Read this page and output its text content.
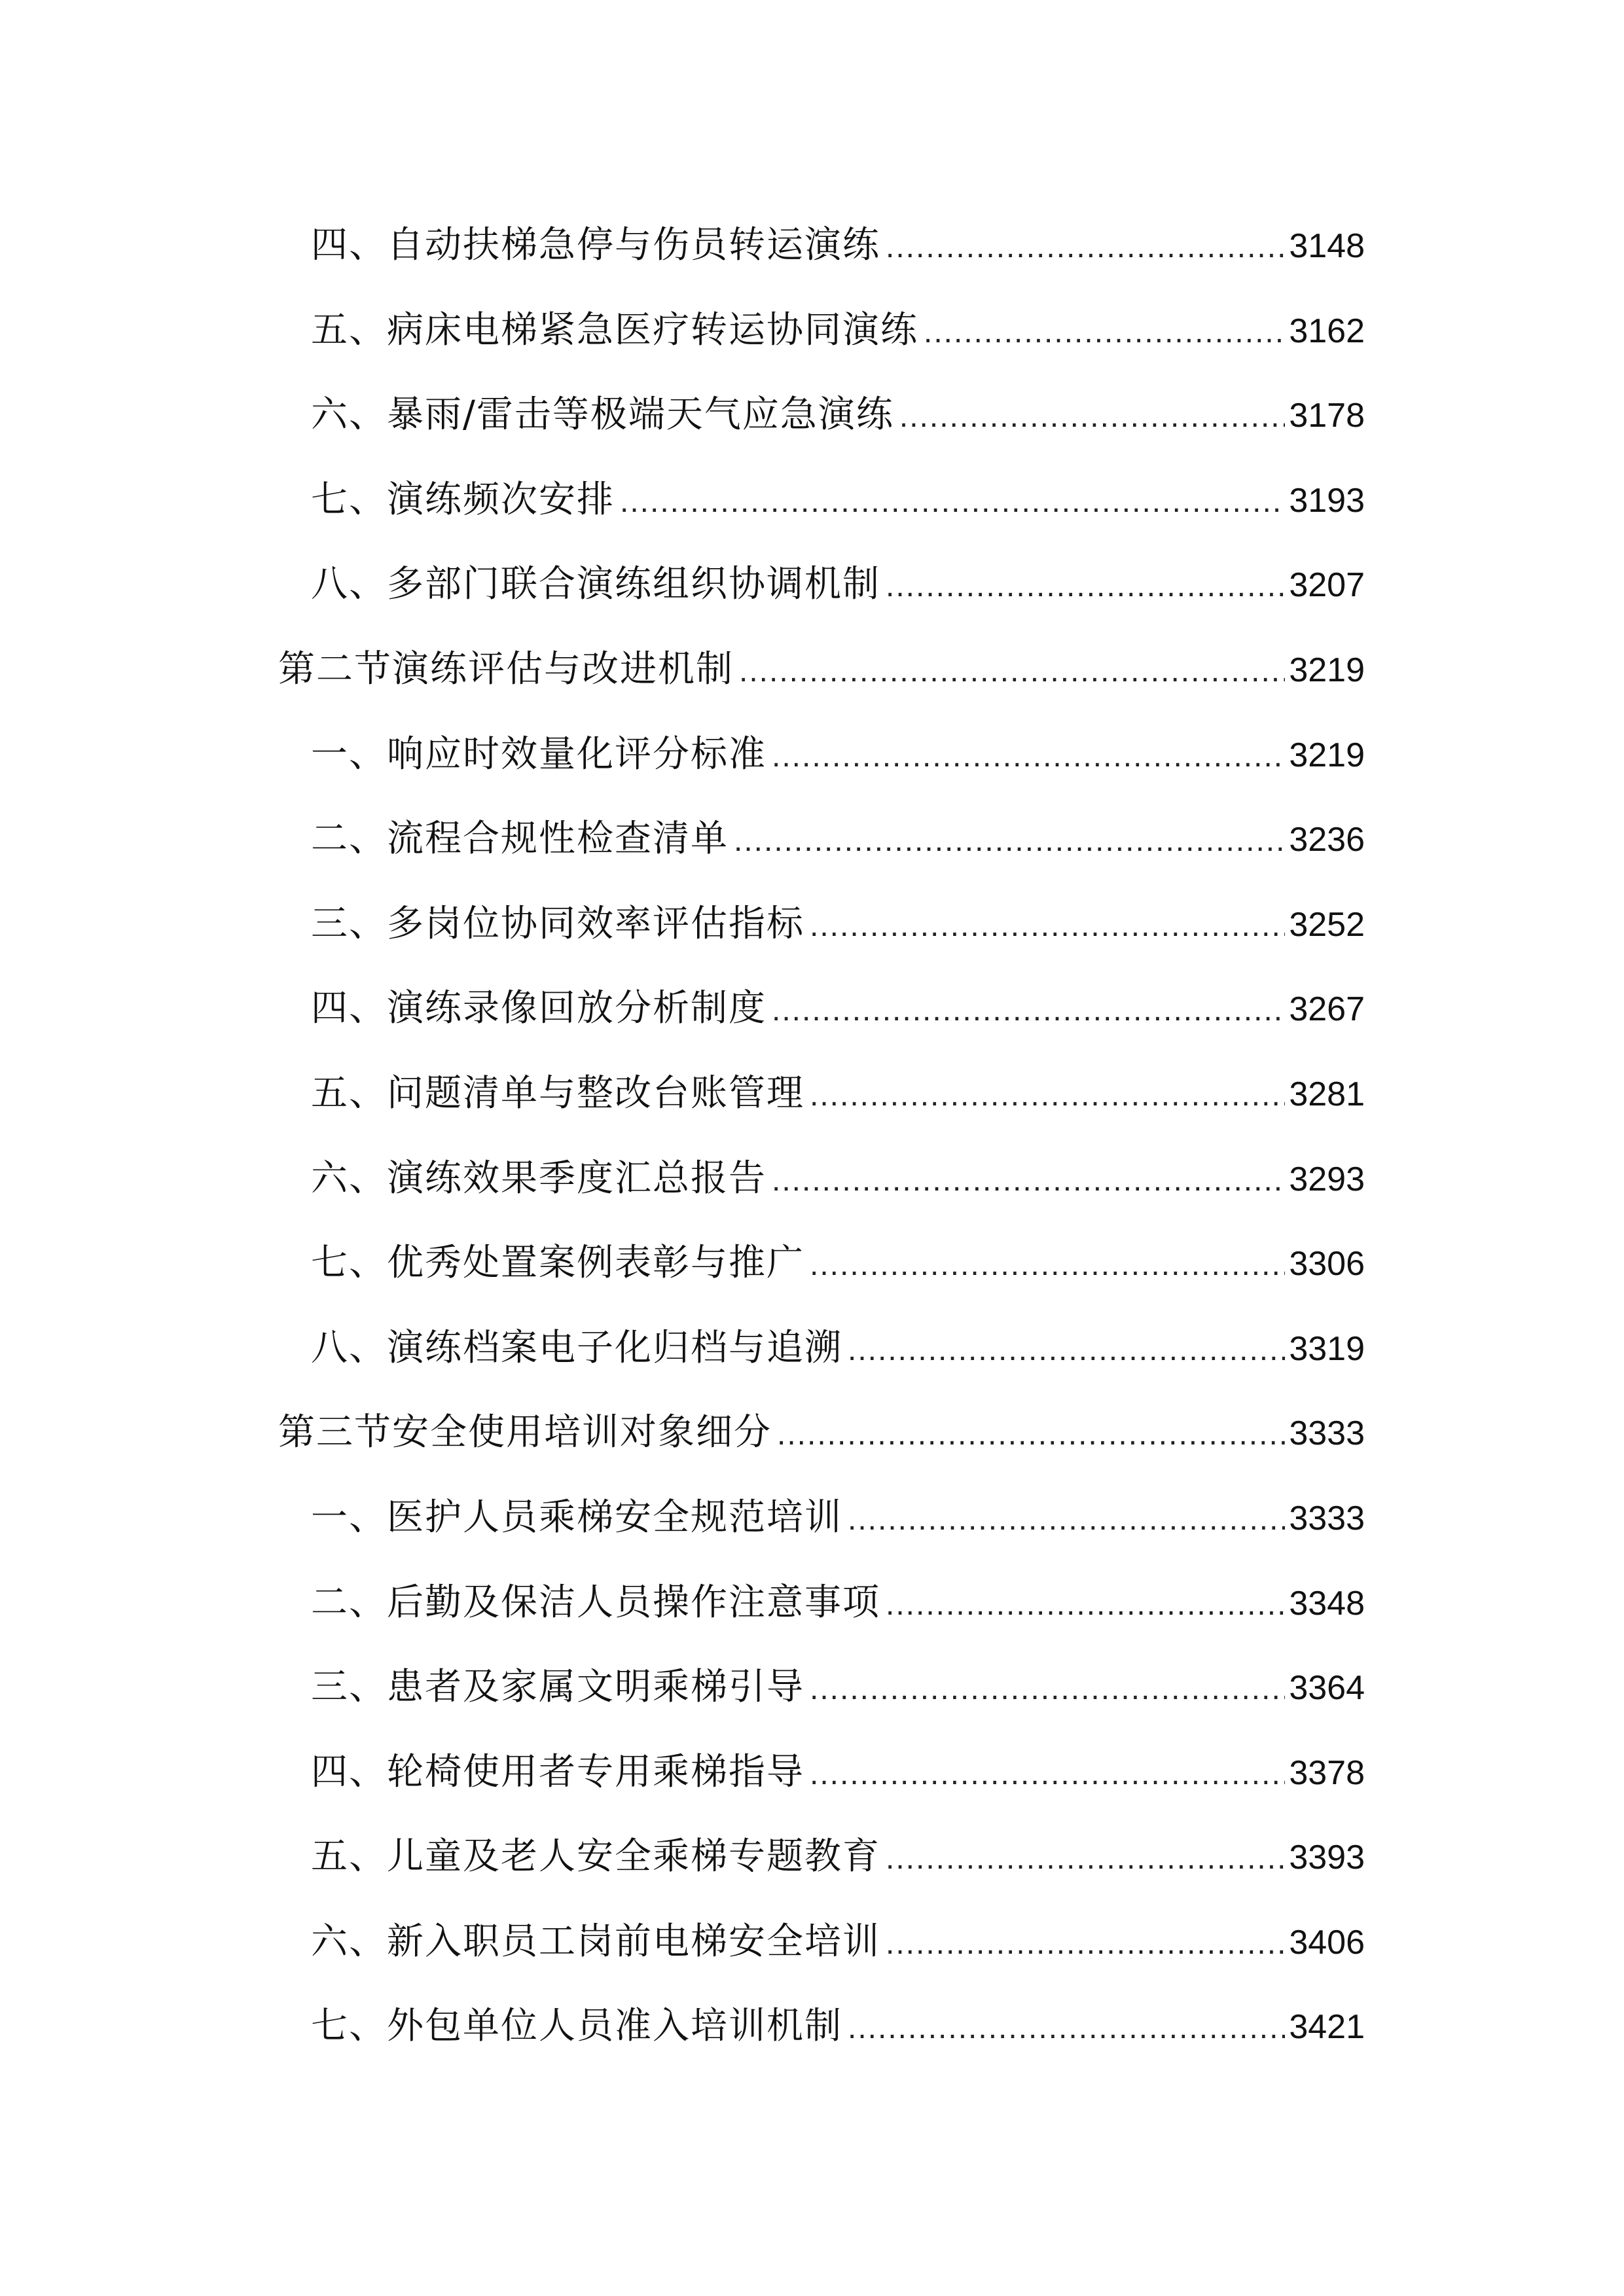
四、自动扶梯急停与伤员转运演练 .....	3148
五、病床电梯紧急医疗转运协同演练 .....	3162
六、暴雨/雷击等极端天气应急演练 .....	3178
七、演练频次安排 .....	3193
八、多部门联合演练组织协调机制 .....	3207
第二节演练评估与改进机制 .....	3219
一、响应时效量化评分标准 .....	3219
二、流程合规性检查清单 .....	3236
三、多岗位协同效率评估指标 .....	3252
四、演练录像回放分析制度 .....	3267
五、问题清单与整改台账管理 .....	3281
六、演练效果季度汇总报告 .....	3293
七、优秀处置案例表彰与推广 .....	3306
八、演练档案电子化归档与追溯 .....	3319
第三节安全使用培训对象细分 .....	3333
一、医护人员乘梯安全规范培训 .....	3333
二、后勤及保洁人员操作注意事项 .....	3348
三、患者及家属文明乘梯引导 .....	3364
四、轮椅使用者专用乘梯指导 .....	3378
五、儿童及老人安全乘梯专题教育 .....	3393
六、新入职员工岗前电梯安全培训 .....	3406
七、外包单位人员准入培训机制 .....	3421
